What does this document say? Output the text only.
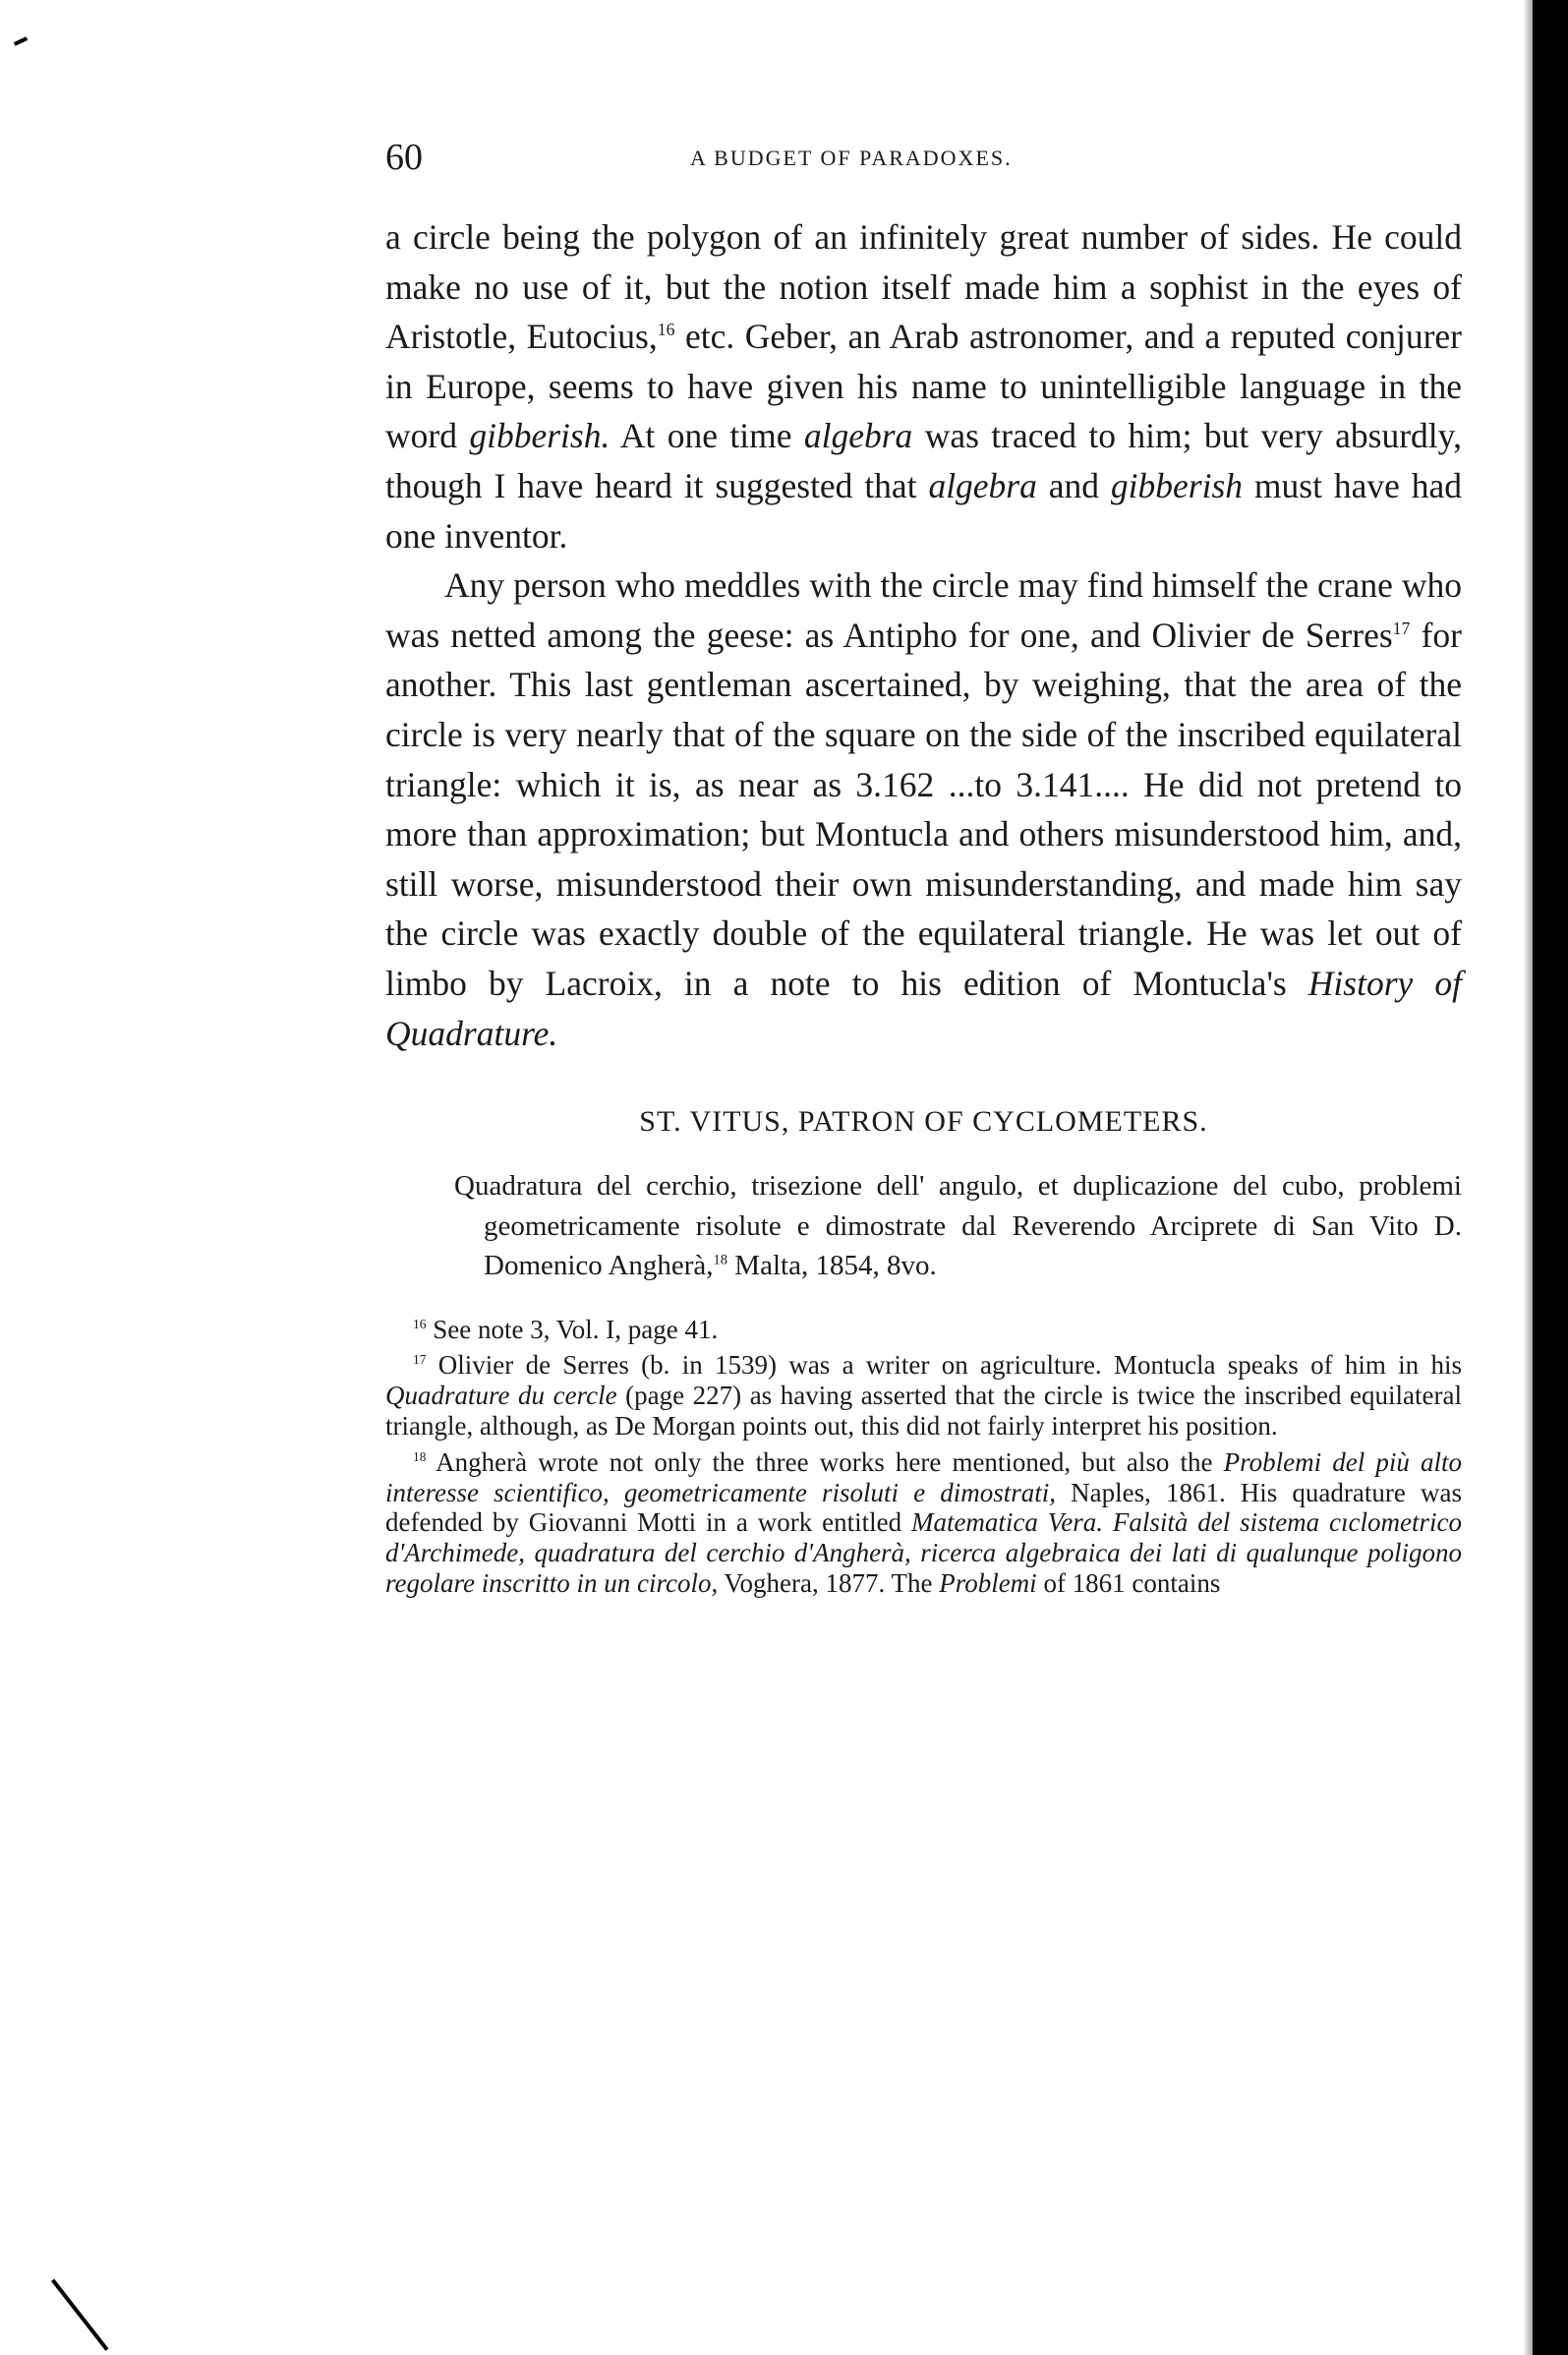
60	A BUDGET OF PARADOXES.

a circle being the polygon of an infinitely great number of sides. He could make no use of it, but the notion itself made him a sophist in the eyes of Aristotle, Eutocius,$^{16}$ etc. Geber, an Arab astronomer, and a reputed conjurer in Europe, seems to have given his name to unintelligible language in the word gibberish. At one time algebra was traced to him; but very absurdly, though I have heard it suggested that algebra and gibberish must have had one inventor.

Any person who meddles with the circle may find himself the crane who was netted among the geese: as Antipho for one, and Olivier de Serres$^{17}$ for another. This last gentleman ascertained, by weighing, that the area of the circle is very nearly that of the square on the side of the inscribed equilateral triangle: which it is, as near as 3.162 ...to 3.141.... He did not pretend to more than approximation; but Montucla and others misunderstood him, and, still worse, misunderstood their own misunderstanding, and made him say the circle was exactly double of the equilateral triangle. He was let out of limbo by Lacroix, in a note to his edition of Montucla's History of Quadrature.

ST. VITUS, PATRON OF CYCLOMETERS.

Quadratura del cerchio, trisezione dell' angulo, et duplicazione del cubo, problemi geometricamente risolute e dimostrate dal Reverendo Arciprete di San Vito D. Domenico Angherà,$^{18}$ Malta, 1854, 8vo.

$^{16}$ See note 3, Vol. I, page 41.

$^{17}$ Olivier de Serres (b. in 1539) was a writer on agriculture. Montucla speaks of him in his Quadrature du cercle (page 227) as having asserted that the circle is twice the inscribed equilateral triangle, although, as De Morgan points out, this did not fairly interpret his position.

$^{18}$ Angherà wrote not only the three works here mentioned, but also the Problemi del più alto interesse scientifico, geometricamente risoluti e dimostrati, Naples, 1861. His quadrature was defended by Giovanni Motti in a work entitled Matematica Vera. Falsità del sistema cıclometrico d'Archimede, quadratura del cerchio d'Angherà, ricerca algebraica dei lati di qualunque poligono regolare inscritto in un circolo, Voghera, 1877. The Problemi of 1861 contains
